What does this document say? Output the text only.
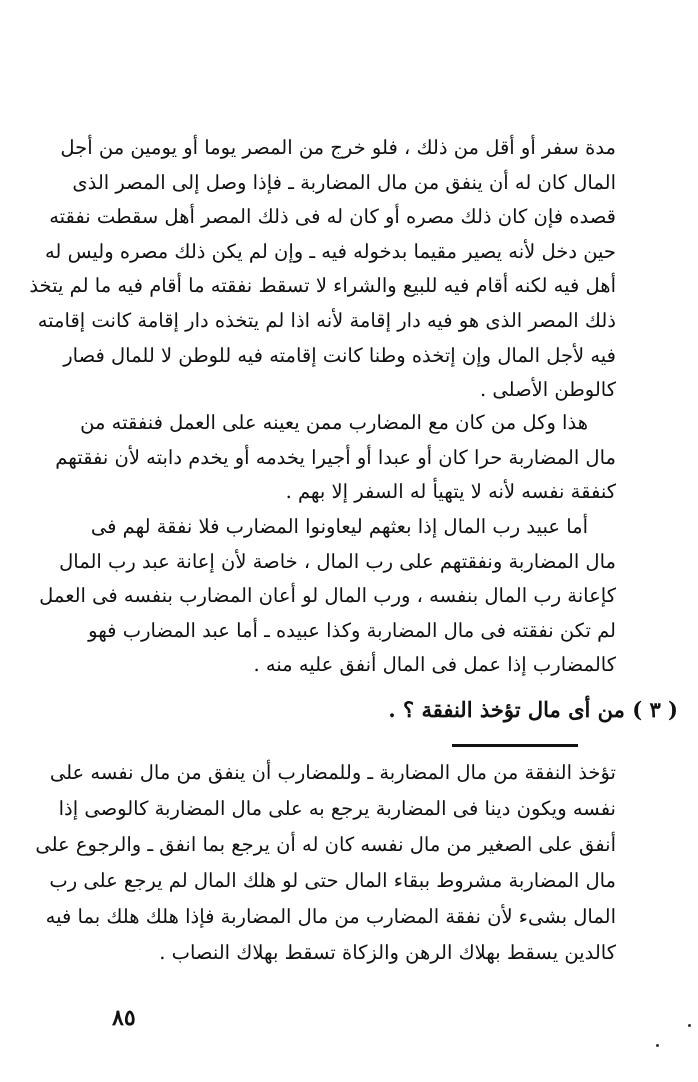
مدة سفر أو أقل من ذلك ، فلو خرج من المصر يوما أو يومين من أجل
المال كان له أن ينفق من مال المضاربة ـ فإذا وصل إلى المصر الذى
قصده فإن كان ذلك مصره أو كان له فى ذلك المصر أهل سقطت نفقته
حين دخل لأنه يصير مقيما بدخوله فيه ـ وإن لم يكن ذلك مصره وليس له
أهل فيه لكنه أقام فيه للبيع والشراء لا تسقط نفقته ما أقام فيه ما لم يتخذ
ذلك المصر الذى هو فيه دار إقامة لأنه اذا لم يتخذه دار إقامة كانت إقامته
فيه لأجل المال وإن إتخذه وطنا كانت إقامته فيه للوطن لا للمال فصار
كالوطن الأصلى .
هذا وكل من كان مع المضارب ممن يعينه على العمل فنفقته من
مال المضاربة حرا كان أو عبدا أو أجيرا يخدمه أو يخدم دابته لأن نفقتهم
كنفقة نفسه لأنه لا يتهيأ له السفر إلا بهم .
أما عبيد رب المال إذا بعثهم ليعاونوا المضارب فلا نفقة لهم فى
مال المضاربة ونفقتهم على رب المال ، خاصة لأن إعانة عبد رب المال
كإعانة رب المال بنفسه ، ورب المال لو أعان المضارب بنفسه فى العمل
لم تكن نفقته فى مال المضاربة وكذا عبيده ـ أما عبد المضارب فهو
كالمضارب إذا عمل فى المال أنفق عليه منه .
( ٣ ) من أى مال تؤخذ النفقة ؟ .
تؤخذ النفقة من مال المضاربة ـ وللمضارب أن ينفق من مال نفسه على
نفسه ويكون دينا فى المضاربة يرجع به على مال المضاربة كالوصى إذا
أنفق على الصغير من مال نفسه كان له أن يرجع بما انفق ـ والرجوع على
مال المضاربة مشروط ببقاء المال حتى لو هلك المال لم يرجع على رب
المال بشىء لأن نفقة المضارب من مال المضاربة فإذا هلك هلك بما فيه
كالدين يسقط بهلاك الرهن والزكاة تسقط بهلاك النصاب .
٨٥
